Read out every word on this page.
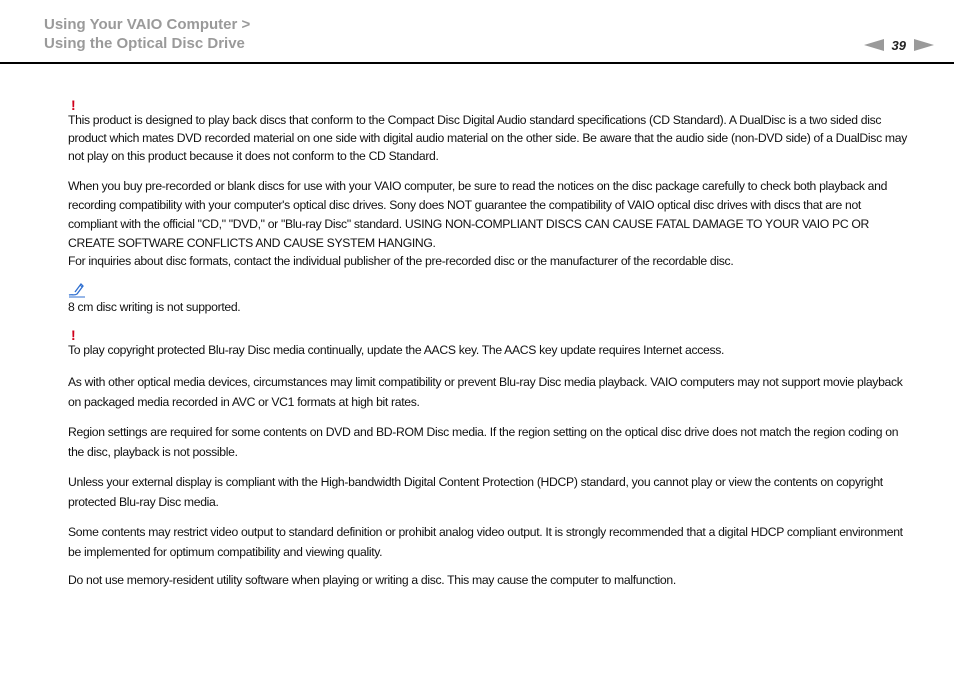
Using Your VAIO Computer >
Using the Optical Disc Drive	39
!

This product is designed to play back discs that conform to the Compact Disc Digital Audio standard specifications (CD Standard). A DualDisc is a two sided disc product which mates DVD recorded material on one side with digital audio material on the other side. Be aware that the audio side (non-DVD side) of a DualDisc may not play on this product because it does not conform to the CD Standard.

When you buy pre-recorded or blank discs for use with your VAIO computer, be sure to read the notices on the disc package carefully to check both playback and recording compatibility with your computer's optical disc drives. Sony does NOT guarantee the compatibility of VAIO optical disc drives with discs that are not compliant with the official "CD," "DVD," or "Blu-ray Disc" standard. USING NON-COMPLIANT DISCS CAN CAUSE FATAL DAMAGE TO YOUR VAIO PC OR CREATE SOFTWARE CONFLICTS AND CAUSE SYSTEM HANGING.

For inquiries about disc formats, contact the individual publisher of the pre-recorded disc or the manufacturer of the recordable disc.

8 cm disc writing is not supported.

!

To play copyright protected Blu-ray Disc media continually, update the AACS key. The AACS key update requires Internet access.

As with other optical media devices, circumstances may limit compatibility or prevent Blu-ray Disc media playback. VAIO computers may not support movie playback on packaged media recorded in AVC or VC1 formats at high bit rates.

Region settings are required for some contents on DVD and BD-ROM Disc media. If the region setting on the optical disc drive does not match the region coding on the disc, playback is not possible.

Unless your external display is compliant with the High-bandwidth Digital Content Protection (HDCP) standard, you cannot play or view the contents on copyright protected Blu-ray Disc media.

Some contents may restrict video output to standard definition or prohibit analog video output. It is strongly recommended that a digital HDCP compliant environment be implemented for optimum compatibility and viewing quality.

Do not use memory-resident utility software when playing or writing a disc. This may cause the computer to malfunction.
